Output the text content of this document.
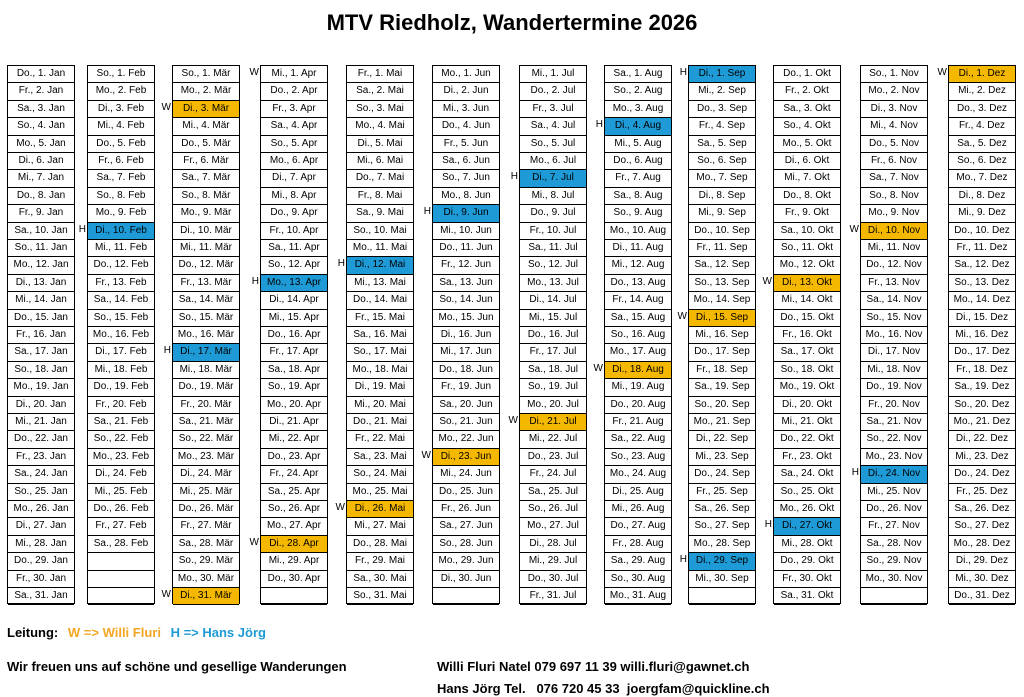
MTV Riedholz, Wandertermine 2026
Do., 1. Jan
Fr., 2. Jan
Sa., 3. Jan
So., 4. Jan
Mo., 5. Jan
Di., 6. Jan
Mi., 7. Jan
Do., 8. Jan
Fr., 9. Jan
Sa., 10. Jan
So., 11. Jan
Mo., 12. Jan
Di., 13. Jan
Mi., 14. Jan
Do., 15. Jan
Fr., 16. Jan
Sa., 17. Jan
So., 18. Jan
Mo., 19. Jan
Di., 20. Jan
Mi., 21. Jan
Do., 22. Jan
Fr., 23. Jan
Sa., 24. Jan
So., 25. Jan
Mo., 26. Jan
Di., 27. Jan
Mi., 28. Jan
Do., 29. Jan
Fr., 30. Jan
Sa., 31. Jan
So., 1. Feb
Mo., 2. Feb
Di., 3. Feb
Mi., 4. Feb
Do., 5. Feb
Fr., 6. Feb
Sa., 7. Feb
So., 8. Feb
Mo., 9. Feb
Di., 10. Feb
Mi., 11. Feb
Do., 12. Feb
Fr., 13. Feb
Sa., 14. Feb
So., 15. Feb
Mo., 16. Feb
Di., 17. Feb
Mi., 18. Feb
Do., 19. Feb
Fr., 20. Feb
Sa., 21. Feb
So., 22. Feb
Mo., 23. Feb
Di., 24. Feb
Mi., 25. Feb
Do., 26. Feb
Fr., 27. Feb
Sa., 28. Feb
H
So., 1. Mär
Mo., 2. Mär
Di., 3. Mär
Mi., 4. Mär
Do., 5. Mär
Fr., 6. Mär
Sa., 7. Mär
So., 8. Mär
Mo., 9. Mär
Di., 10. Mär
Mi., 11. Mär
Do., 12. Mär
Fr., 13. Mär
Sa., 14. Mär
So., 15. Mär
Mo., 16. Mär
Di., 17. Mär
Mi., 18. Mär
Do., 19. Mär
Fr., 20. Mär
Sa., 21. Mär
So., 22. Mär
Mo., 23. Mär
Di., 24. Mär
Mi., 25. Mär
Do., 26. Mär
Fr., 27. Mär
Sa., 28. Mär
So., 29. Mär
Mo., 30. Mär
Di., 31. Mär
W
H
W
Mi., 1. Apr
Do., 2. Apr
Fr., 3. Apr
Sa., 4. Apr
So., 5. Apr
Mo., 6. Apr
Di., 7. Apr
Mi., 8. Apr
Do., 9. Apr
Fr., 10. Apr
Sa., 11. Apr
So., 12. Apr
Mo., 13. Apr
Di., 14. Apr
Mi., 15. Apr
Do., 16. Apr
Fr., 17. Apr
Sa., 18. Apr
So., 19. Apr
Mo., 20. Apr
Di., 21. Apr
Mi., 22. Apr
Do., 23. Apr
Fr., 24. Apr
Sa., 25. Apr
So., 26. Apr
Mo., 27. Apr
Di., 28. Apr
Mi., 29. Apr
Do., 30. Apr
H
W
W	Fr., 1. Mai
Sa., 2. Mai
So., 3. Mai
Mo., 4. Mai
Di., 5. Mai
Mi., 6. Mai
Do., 7. Mai
Fr., 8. Mai
Sa., 9. Mai
So., 10. Mai
Mo., 11. Mai
Di., 12. Mai
Mi., 13. Mai
Do., 14. Mai
Fr., 15. Mai
Sa., 16. Mai
So., 17. Mai
Mo., 18. Mai
Di., 19. Mai
Mi., 20. Mai
Do., 21. Mai
Fr., 22. Mai
Sa., 23. Mai
So., 24. Mai
Mo., 25. Mai
Di., 26. Mai
Mi., 27. Mai
Do., 28. Mai
Fr., 29. Mai
Sa., 30. Mai
So., 31. Mai
H
W
Mo., 1. Jun
Di., 2. Jun
Mi., 3. Jun
Do., 4. Jun
Fr., 5. Jun
Sa., 6. Jun
So., 7. Jun
Mo., 8. Jun
Di., 9. Jun
Mi., 10. Jun
Do., 11. Jun
Fr., 12. Jun
Sa., 13. Jun
So., 14. Jun
Mo., 15. Jun
Di., 16. Jun
Mi., 17. Jun
Do., 18. Jun
Fr., 19. Jun
Sa., 20. Jun
So., 21. Jun
Mo., 22. Jun
Di., 23. Jun
Mi., 24. Jun
Do., 25. Jun
Fr., 26. Jun
Sa., 27. Jun
So., 28. Jun
Mo., 29. Jun
Di., 30. Jun
H
W
Mi., 1. Jul
Do., 2. Jul
Fr., 3. Jul
Sa., 4. Jul
So., 5. Jul
Mo., 6. Jul
Di., 7. Jul
Mi., 8. Jul
Do., 9. Jul
Fr., 10. Jul
Sa., 11. Jul
So., 12. Jul
Mo., 13. Jul
Di., 14. Jul
Mi., 15. Jul
Do., 16. Jul
Fr., 17. Jul
Sa., 18. Jul
So., 19. Jul
Mo., 20. Jul
Di., 21. Jul
Mi., 22. Jul
Do., 23. Jul
Fr., 24. Jul
Sa., 25. Jul
So., 26. Jul
Mo., 27. Jul
Di., 28. Jul
Mi., 29. Jul
Do., 30. Jul
Fr., 31. Jul
H
W
Sa., 1. Aug
So., 2. Aug
Mo., 3. Aug
Di., 4. Aug
Mi., 5. Aug
Do., 6. Aug
Fr., 7. Aug
Sa., 8. Aug
So., 9. Aug
Mo., 10. Aug
Di., 11. Aug
Mi., 12. Aug
Do., 13. Aug
Fr., 14. Aug
Sa., 15. Aug
So., 16. Aug
Mo., 17. Aug
Di., 18. Aug
Mi., 19. Aug
Do., 20. Aug
Fr., 21. Aug
Sa., 22. Aug
So., 23. Aug
Mo., 24. Aug
Di., 25. Aug
Mi., 26. Aug
Do., 27. Aug
Fr., 28. Aug
Sa., 29. Aug
So., 30. Aug
Mo., 31. Aug
H
W
Di., 1. Sep
Mi., 2. Sep
Do., 3. Sep
Fr., 4. Sep
Sa., 5. Sep
So., 6. Sep
Mo., 7. Sep
Di., 8. Sep
Mi., 9. Sep
Do., 10. Sep
Fr., 11. Sep
Sa., 12. Sep
So., 13. Sep
Mo., 14. Sep
Di., 15. Sep
Mi., 16. Sep
Do., 17. Sep
Fr., 18. Sep
Sa., 19. Sep
So., 20. Sep
Mo., 21. Sep
Di., 22. Sep
Mi., 23. Sep
Do., 24. Sep
Fr., 25. Sep
Sa., 26. Sep
So., 27. Sep
Mo., 28. Sep
Di., 29. Sep
Mi., 30. Sep
H
W
H
Do., 1. Okt
Fr., 2. Okt
Sa., 3. Okt
So., 4. Okt
Mo., 5. Okt
Di., 6. Okt
Mi., 7. Okt
Do., 8. Okt
Fr., 9. Okt
Sa., 10. Okt
So., 11. Okt
Mo., 12. Okt
Di., 13. Okt
Mi., 14. Okt
Do., 15. Okt
Fr., 16. Okt
Sa., 17. Okt
So., 18. Okt
Mo., 19. Okt
Di., 20. Okt
Mi., 21. Okt
Do., 22. Okt
Fr., 23. Okt
Sa., 24. Okt
So., 25. Okt
Mo., 26. Okt
Di., 27. Okt
Mi., 28. Okt
Do., 29. Okt
Fr., 30. Okt
Sa., 31. Okt
W
H
So., 1. Nov
Mo., 2. Nov
Di., 3. Nov
Mi., 4. Nov
Do., 5. Nov
Fr., 6. Nov
Sa., 7. Nov
So., 8. Nov
Mo., 9. Nov
Di., 10. Nov
Mi., 11. Nov
Do., 12. Nov
Fr., 13. Nov
Sa., 14. Nov
So., 15. Nov
Mo., 16. Nov
Di., 17. Nov
Mi., 18. Nov
Do., 19. Nov
Fr., 20. Nov
Sa., 21. Nov
So., 22. Nov
Mo., 23. Nov
Di., 24. Nov
Mi., 25. Nov
Do., 26. Nov
Fr., 27. Nov
Sa., 28. Nov
So., 29. Nov
Mo., 30. Nov
W
H
Di., 1. Dez
Mi., 2. Dez
Do., 3. Dez
Fr., 4. Dez
Sa., 5. Dez
So., 6. Dez
Mo., 7. Dez
Di., 8. Dez
Mi., 9. Dez
Do., 10. Dez
Fr., 11. Dez
Sa., 12. Dez
So., 13. Dez
Mo., 14. Dez
Di., 15. Dez
Mi., 16. Dez
Do., 17. Dez
Fr., 18. Dez
Sa., 19. Dez
So., 20. Dez
Mo., 21. Dez
Di., 22. Dez
Mi., 23. Dez
Do., 24. Dez
Fr., 25. Dez
Sa., 26. Dez
So., 27. Dez
Mo., 28. Dez
Di., 29. Dez
Mi., 30. Dez
Do., 31. Dez
W
Leitung: W => Willi Fluri H => Hans Jörg
Wir freuen uns auf schöne und gesellige Wanderungen	Willi Fluri Natel 079 697 11 39 willi.fluri@gawnet.ch
Hans Jörg Tel.   076 720 45 33  joergfam@quickline.ch
